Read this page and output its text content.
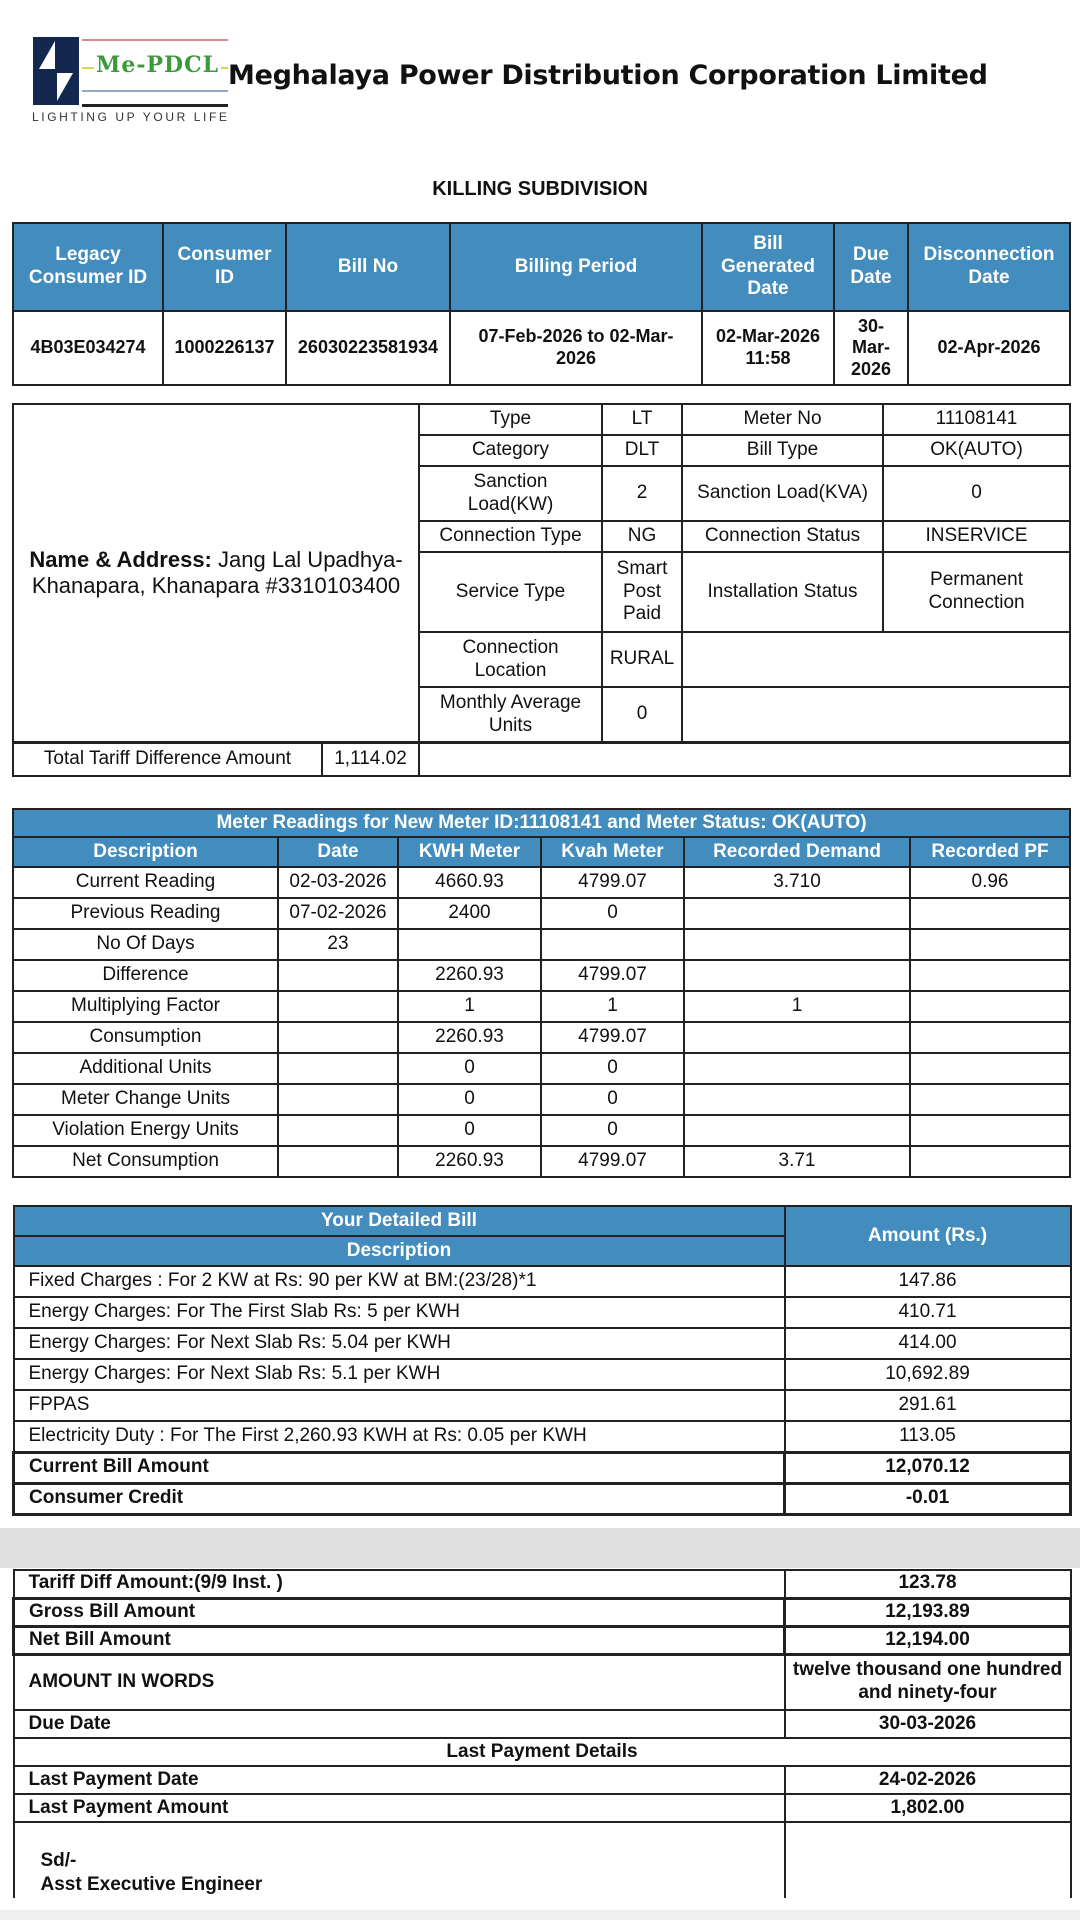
Me-PDCL
LIGHTING UP YOUR LIFE
Meghalaya Power Distribution Corporation Limited
KILLING SUBDIVISION
Legacy Consumer ID	Consumer ID	Bill No	Billing Period	Bill Generated Date	Due Date	Disconnection Date
4B03E034274	1000226137	26030223581934	07-Feb-2026 to 02-Mar-2026	02-Mar-2026 11:58	30-Mar-2026	02-Apr-2026
Name & Address: Jang Lal Upadhya-Khanapara, Khanapara #3310103400	Type	LT	Meter No	11108141
	Category	DLT	Bill Type	OK(AUTO)
	Sanction Load(KW)	2	Sanction Load(KVA)	0
	Connection Type	NG	Connection Status	INSERVICE
	Service Type	Smart Post Paid	Installation Status	Permanent Connection
	Connection Location	RURAL		
	Monthly Average Units	0		

Total Tariff Difference Amount	1,114.02	
Meter Readings for New Meter ID:11108141 and Meter Status: OK(AUTO)					
Description	Date	KWH Meter	Kvah Meter	Recorded Demand	Recorded PF
Current Reading	02-03-2026	4660.93	4799.07	3.710	0.96
Previous Reading	07-02-2026	2400	0		
No Of Days	23				
Difference		2260.93	4799.07		
Multiplying Factor		1	1	1	
Consumption		2260.93	4799.07		
Additional Units		0	0		
Meter Change Units		0	0		
Violation Energy Units		0	0		
Net Consumption		2260.93	4799.07	3.71	
Your Detailed Bill	Amount (Rs.)
Description	
Fixed Charges : For 2 KW at Rs: 90 per KW at BM:(23/28)*1	147.86
Energy Charges: For The First Slab Rs: 5 per KWH	410.71
Energy Charges: For Next Slab Rs: 5.04 per KWH	414.00
Energy Charges: For Next Slab Rs: 5.1 per KWH	10,692.89
FPPAS	291.61
Electricity Duty : For The First 2,260.93 KWH at Rs: 0.05 per KWH	113.05
Current Bill Amount	12,070.12
Consumer Credit	-0.01
Tariff Diff Amount:(9/9 Inst. )	123.78
Gross Bill Amount	12,193.89
Net Bill Amount	12,194.00
AMOUNT IN WORDS	twelve thousand one hundred and ninety-four
Due Date	30-03-2026
Last Payment Details	
Last Payment Date	24-02-2026
Last Payment Amount	1,802.00

Sd/-
Asst Executive Engineer	
